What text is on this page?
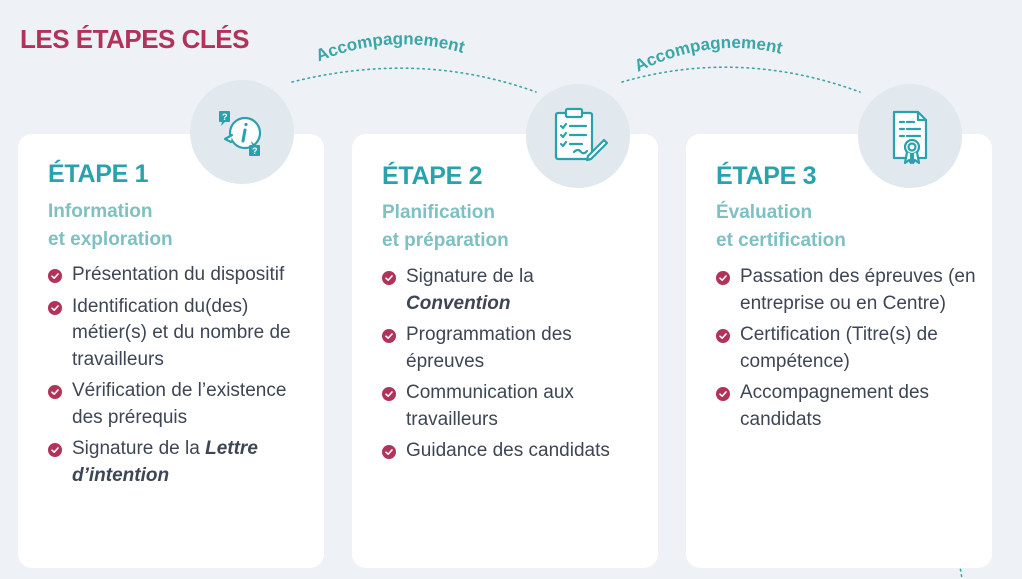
LES ÉTAPES CLÉS
Accompagnement
Accompagnement
?
?
ÉTAPE 1
Information
et exploration
Présentation du dispositif
Identification du(des) métier(s) et du nombre de travailleurs
Vérification de l’existence des prérequis
Signature de la Lettre d’intention
ÉTAPE 2
Planification
et préparation
Signature de la
Convention
Programmation des épreuves
Communication aux travailleurs
Guidance des candidats
ÉTAPE 3
Évaluation
et certification
Passation des épreuves (en entreprise ou en Centre)
Certification (Titre(s) de compétence)
Accompagnement des candidats
